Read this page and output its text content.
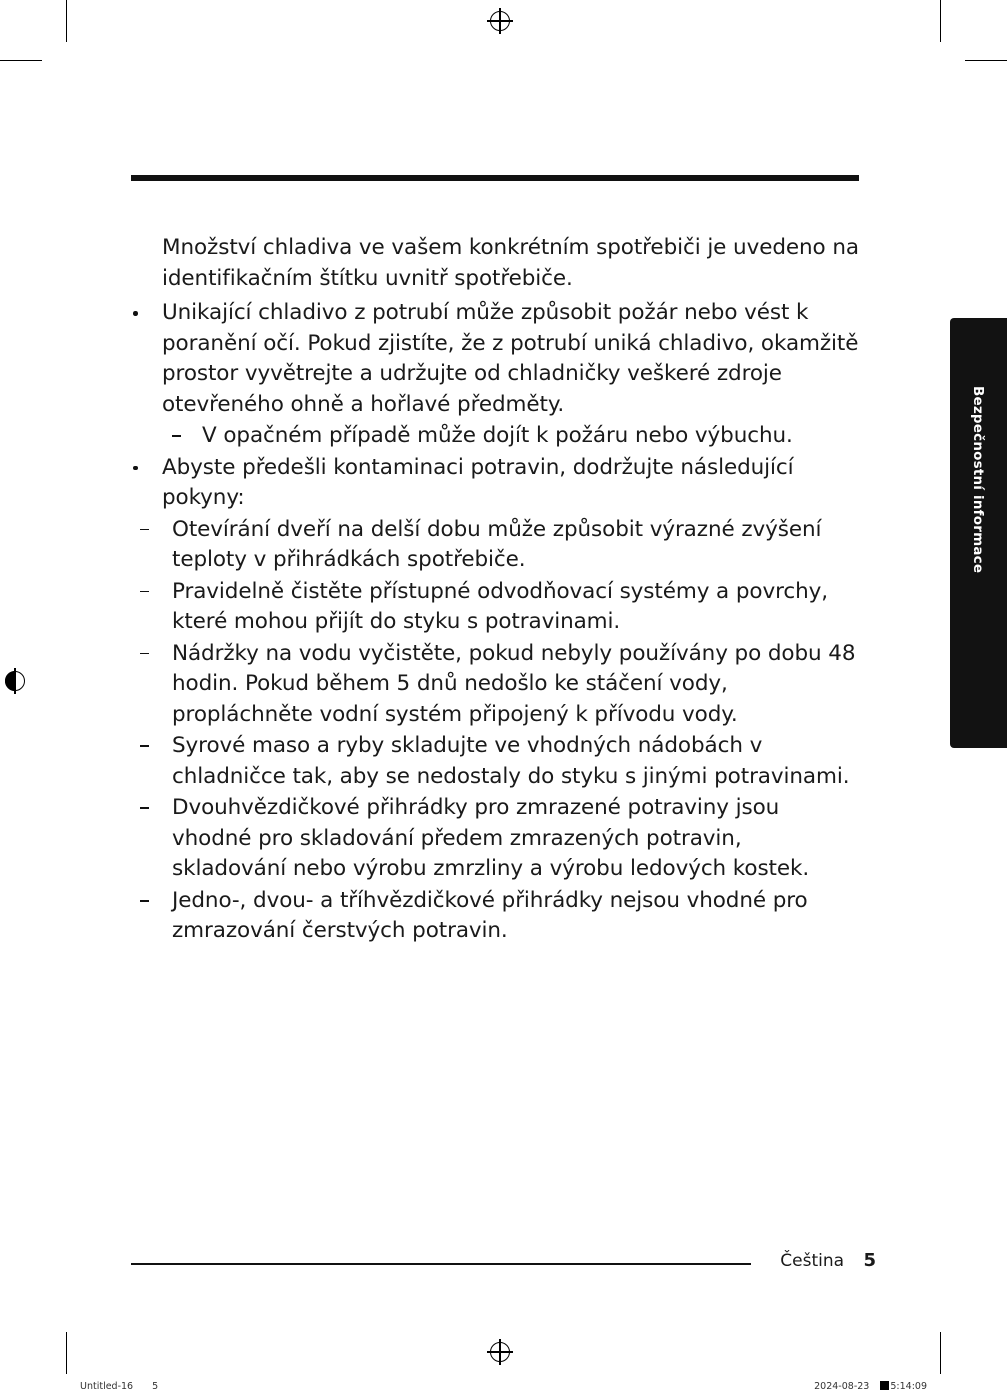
Bezpečnostní informace

Množství chladiva ve vašem konkrétním spotřebiči je uvedeno na identifikačním štítku uvnitř spotřebiče.

Unikající chladivo z potrubí může způsobit požár nebo vést k poranění očí. Pokud zjistíte, že z potrubí uniká chladivo, okamžitě prostor vyvětrejte a udržujte od chladničky veškeré zdroje otevřeného ohně a hořlavé předměty.
V opačném případě může dojít k požáru nebo výbuchu.
Abyste předešli kontaminaci potravin, dodržujte následující pokyny:
Otevírání dveří na delší dobu může způsobit výrazné zvýšení teploty v přihrádkách spotřebiče.
Pravidelně čistěte přístupné odvodňovací systémy a povrchy, které mohou přijít do styku s potravinami.
Nádržky na vodu vyčistěte, pokud nebyly používány po dobu 48 hodin. Pokud během 5 dnů nedošlo ke stáčení vody, propláchněte vodní systém připojený k přívodu vody.
Syrové maso a ryby skladujte ve vhodných nádobách v chladničce tak, aby se nedostaly do styku s jinými potravinami.
Dvouhvězdičkové přihrádky pro zmrazené potraviny jsou vhodné pro skladování předem zmrazených potravin, skladování nebo výrobu zmrzliny a výrobu ledových kostek.
Jedno-, dvou- a tříhvězdičkové přihrádky nejsou vhodné pro zmrazování čerstvých potravin.
Čeština 5
Untitled-16 5	2024-08-23 5:14:09
